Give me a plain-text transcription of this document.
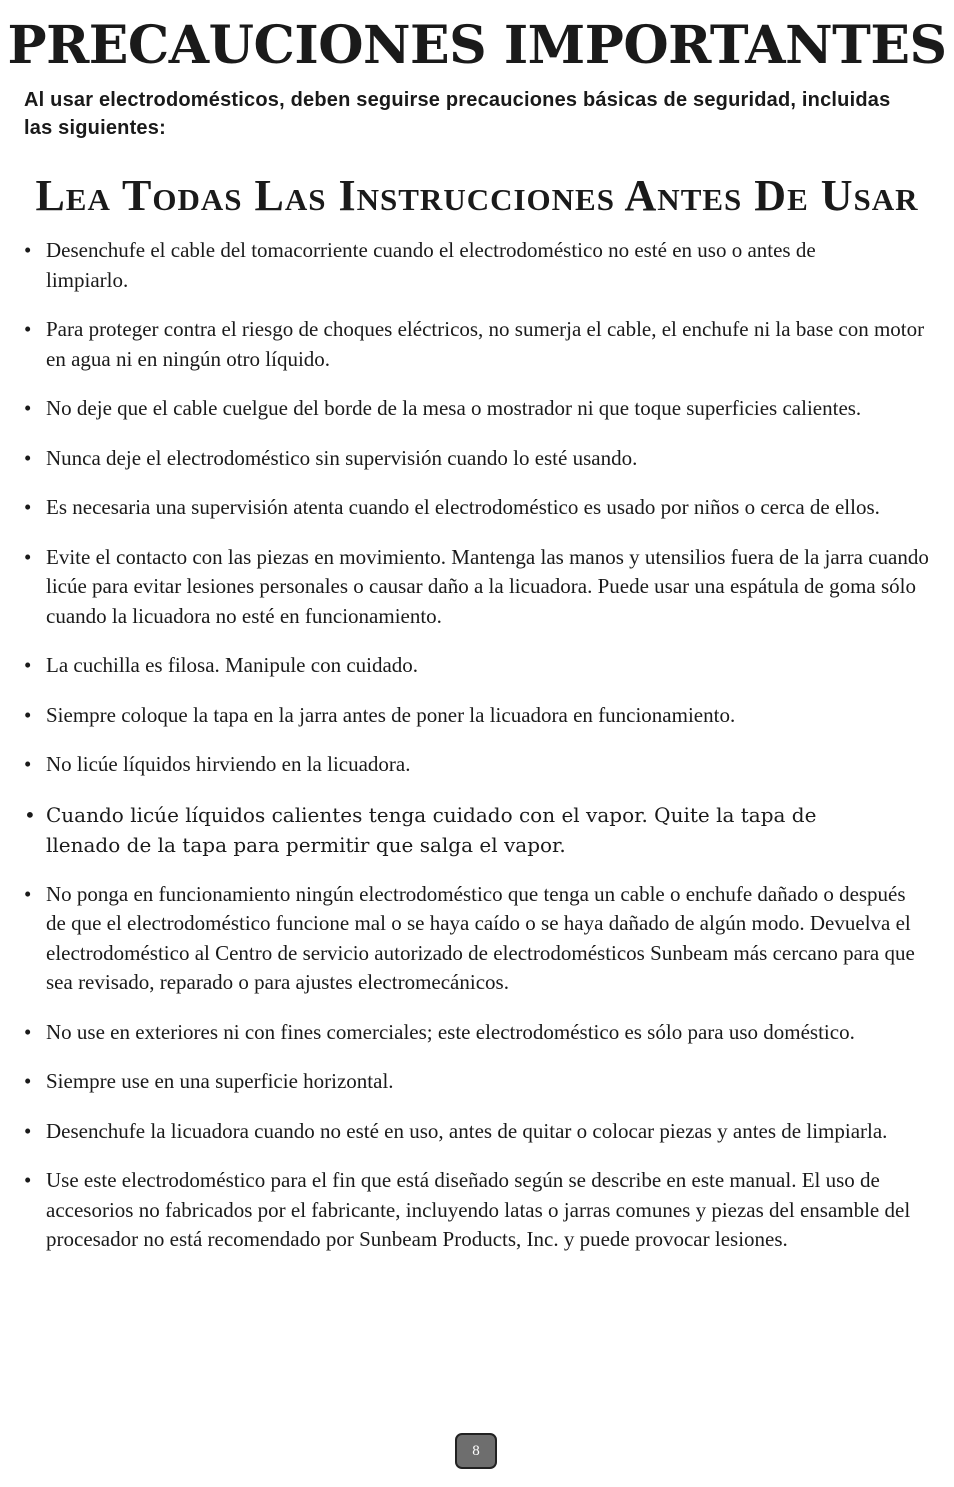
PRECAUCIONES IMPORTANTES

Al usar electrodomésticos, deben seguirse precauciones básicas de seguridad, incluidas las siguientes:

Lea Todas Las Instrucciones Antes De Usar
• Desenchufe el cable del tomacorriente cuando el electrodoméstico no esté en uso o antes de limpiarlo.
• Para proteger contra el riesgo de choques eléctricos, no sumerja el cable, el enchufe ni la base con motor en agua ni en ningún otro líquido.
• No deje que el cable cuelgue del borde de la mesa o mostrador ni que toque superficies calientes.
• Nunca deje el electrodoméstico sin supervisión cuando lo esté usando.
• Es necesaria una supervisión atenta cuando el electrodoméstico es usado por niños o cerca de ellos.
• Evite el contacto con las piezas en movimiento. Mantenga las manos y utensilios fuera de la jarra cuando licúe para evitar lesiones personales o causar daño a la licuadora. Puede usar una espátula de goma sólo cuando la licuadora no esté en funcionamiento.
• La cuchilla es filosa. Manipule con cuidado.
• Siempre coloque la tapa en la jarra antes de poner la licuadora en funcionamiento.
• No licúe líquidos hirviendo en la licuadora.
• Cuando licúe líquidos calientes tenga cuidado con el vapor. Quite la tapa de llenado de la tapa para permitir que salga el vapor.
• No ponga en funcionamiento ningún electrodoméstico que tenga un cable o enchufe dañado o después de que el electrodoméstico funcione mal o se haya caído o se haya dañado de algún modo. Devuelva el electrodoméstico al Centro de servicio autorizado de electrodomésticos Sunbeam más cercano para que sea revisado, reparado o para ajustes electromecánicos.
• No use en exteriores ni con fines comerciales; este electrodoméstico es sólo para uso doméstico.
• Siempre use en una superficie horizontal.
• Desenchufe la licuadora cuando no esté en uso, antes de quitar o colocar piezas y antes de limpiarla.
• Use este electrodoméstico para el fin que está diseñado según se describe en este manual. El uso de accesorios no fabricados por el fabricante, incluyendo latas o jarras comunes y piezas del ensamble del procesador no está recomendado por Sunbeam Products, Inc. y puede provocar lesiones.
8
